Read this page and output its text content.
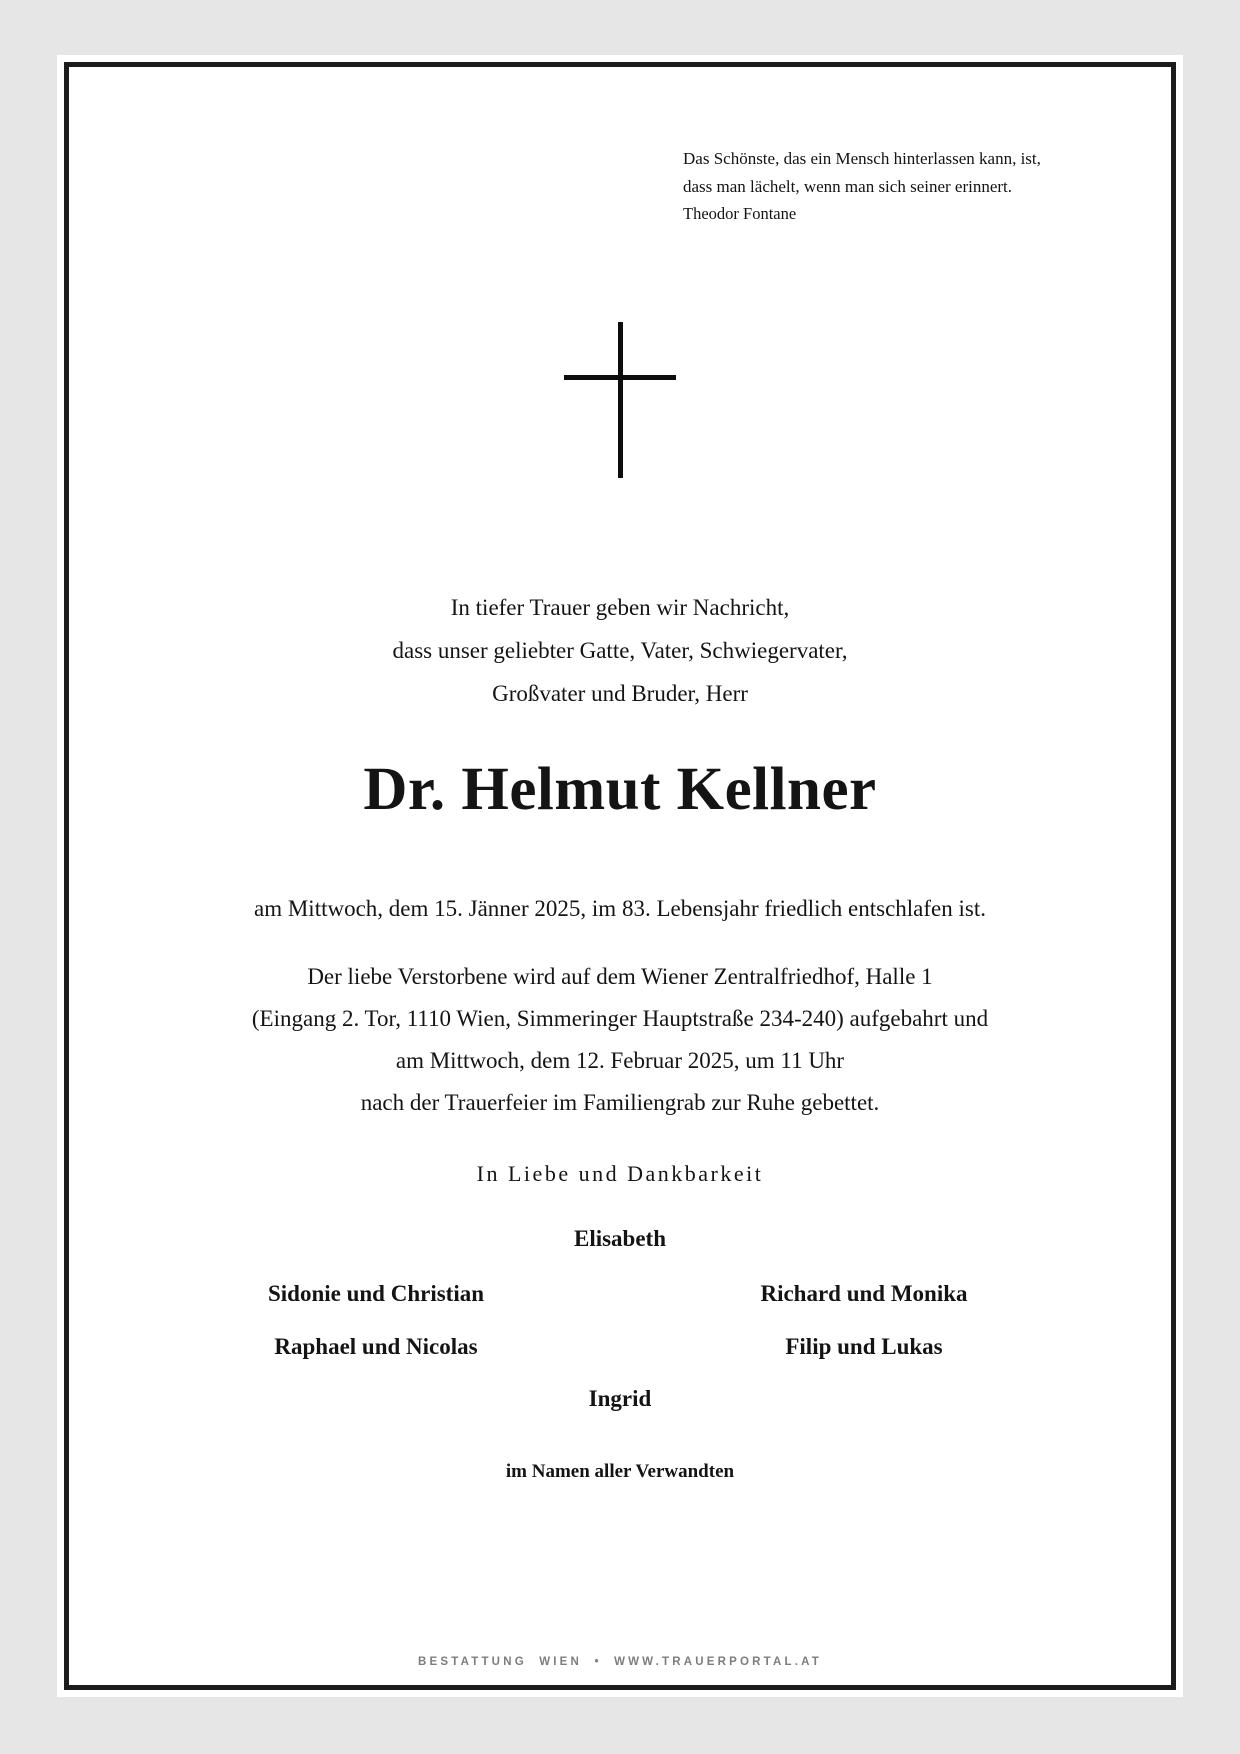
Das Schönste, das ein Mensch hinterlassen kann, ist,
dass man lächelt, wenn man sich seiner erinnert.
Theodor Fontane
In tiefer Trauer geben wir Nachricht,
dass unser geliebter Gatte, Vater, Schwiegervater,
Großvater und Bruder, Herr
Dr. Helmut Kellner
am Mittwoch, dem 15. Jänner 2025, im 83. Lebensjahr friedlich entschlafen ist.
Der liebe Verstorbene wird auf dem Wiener Zentralfriedhof, Halle 1
(Eingang 2. Tor, 1110 Wien, Simmeringer Hauptstraße 234-240) aufgebahrt und
am Mittwoch, dem 12. Februar 2025, um 11 Uhr
nach der Trauerfeier im Familiengrab zur Ruhe gebettet.
In Liebe und Dankbarkeit
Elisabeth
Sidonie und Christian	Richard und Monika
Raphael und Nicolas	Filip und Lukas
Ingrid
im Namen aller Verwandten
BESTATTUNG WIEN • WWW.TRAUERPORTAL.AT
